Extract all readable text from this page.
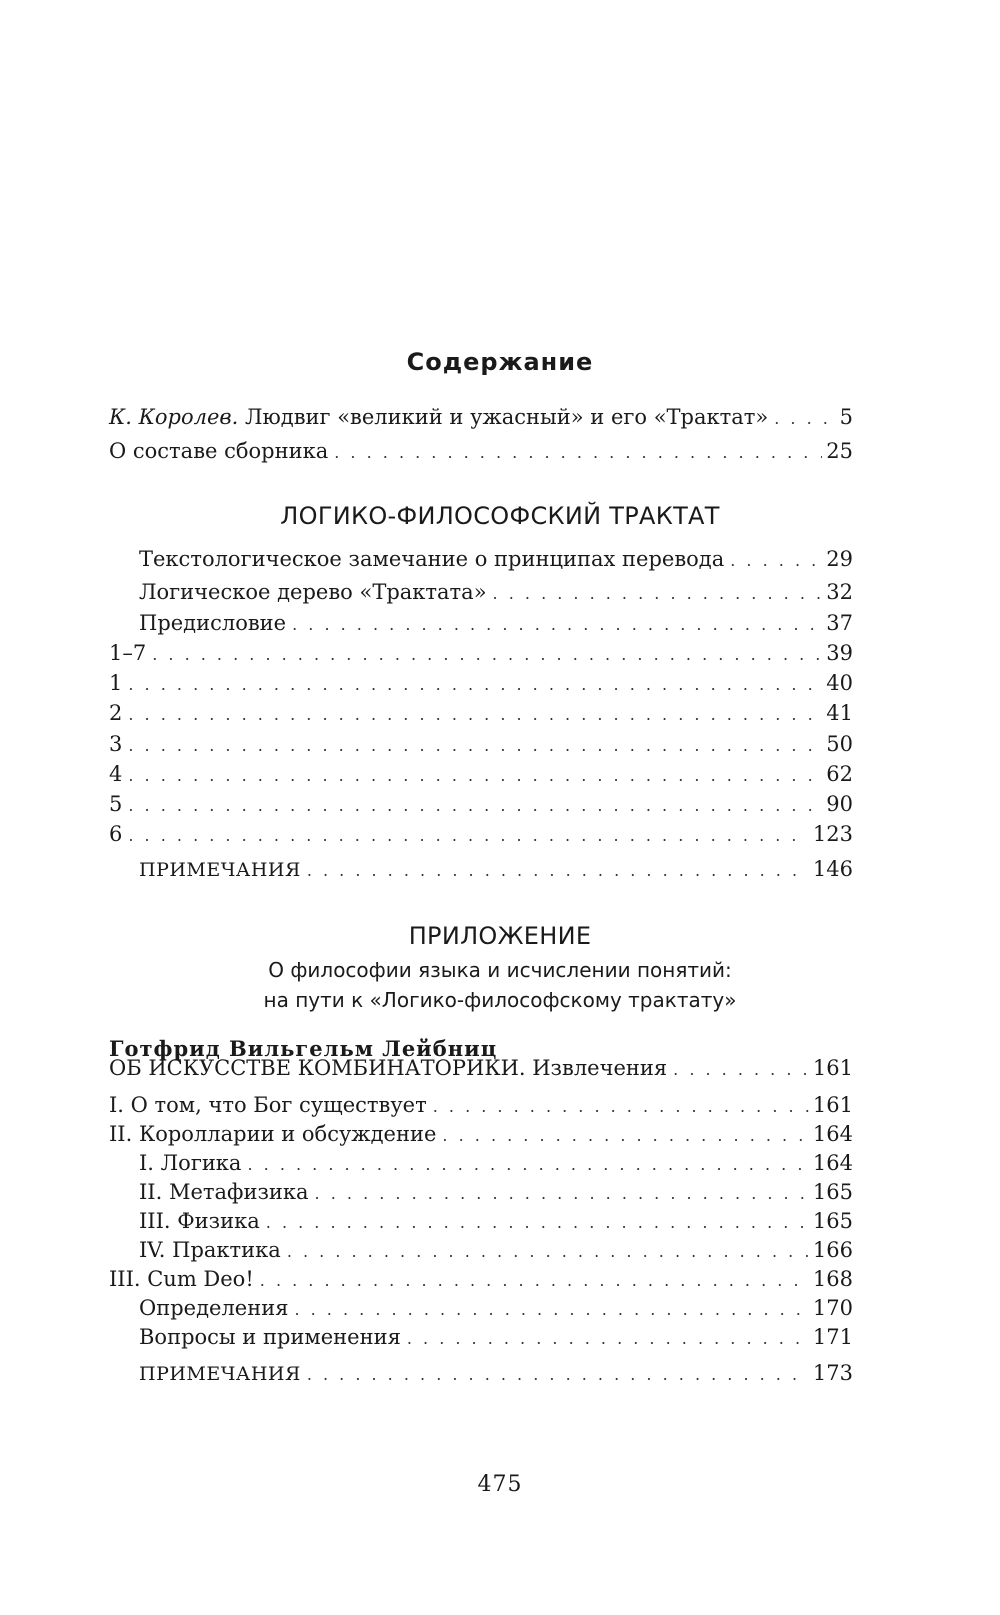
Содержание
К. Королев. Людвиг «великий и ужасный» и его «Трактат» . . .	5
О составе сборника . . .	25
ЛОГИКО-ФИЛОСОФСКИЙ ТРАКТАТ
Текстологическое замечание о принципах перевода . . .	29
Логическое дерево «Трактата» . . .	32
Предисловие . . .	37
1–7 . . .	39
1 . . .	40
2 . . .	41
3 . . .	50
4 . . .	62
5 . . .	90
6 . . .	123
ПРИМЕЧАНИЯ . . .	146
ПРИЛОЖЕНИЕ
О философии языка и исчислении понятий:
на пути к «Логико-философскому трактату»
Готфрид Вильгельм Лейбниц
ОБ ИСКУССТВЕ КОМБИНАТОРИКИ. Извлечения . . .	161
I. О том, что Бог существует . . .	161
II. Королларии и обсуждение . . .	164
I. Логика . . .	164
II. Метафизика . . .	165
III. Физика . . .	165
IV. Практика . . .	166
III. Cum Deo! . . .	168
Определения . . .	170
Вопросы и применения . . .	171
ПРИМЕЧАНИЯ . . .	173
475
